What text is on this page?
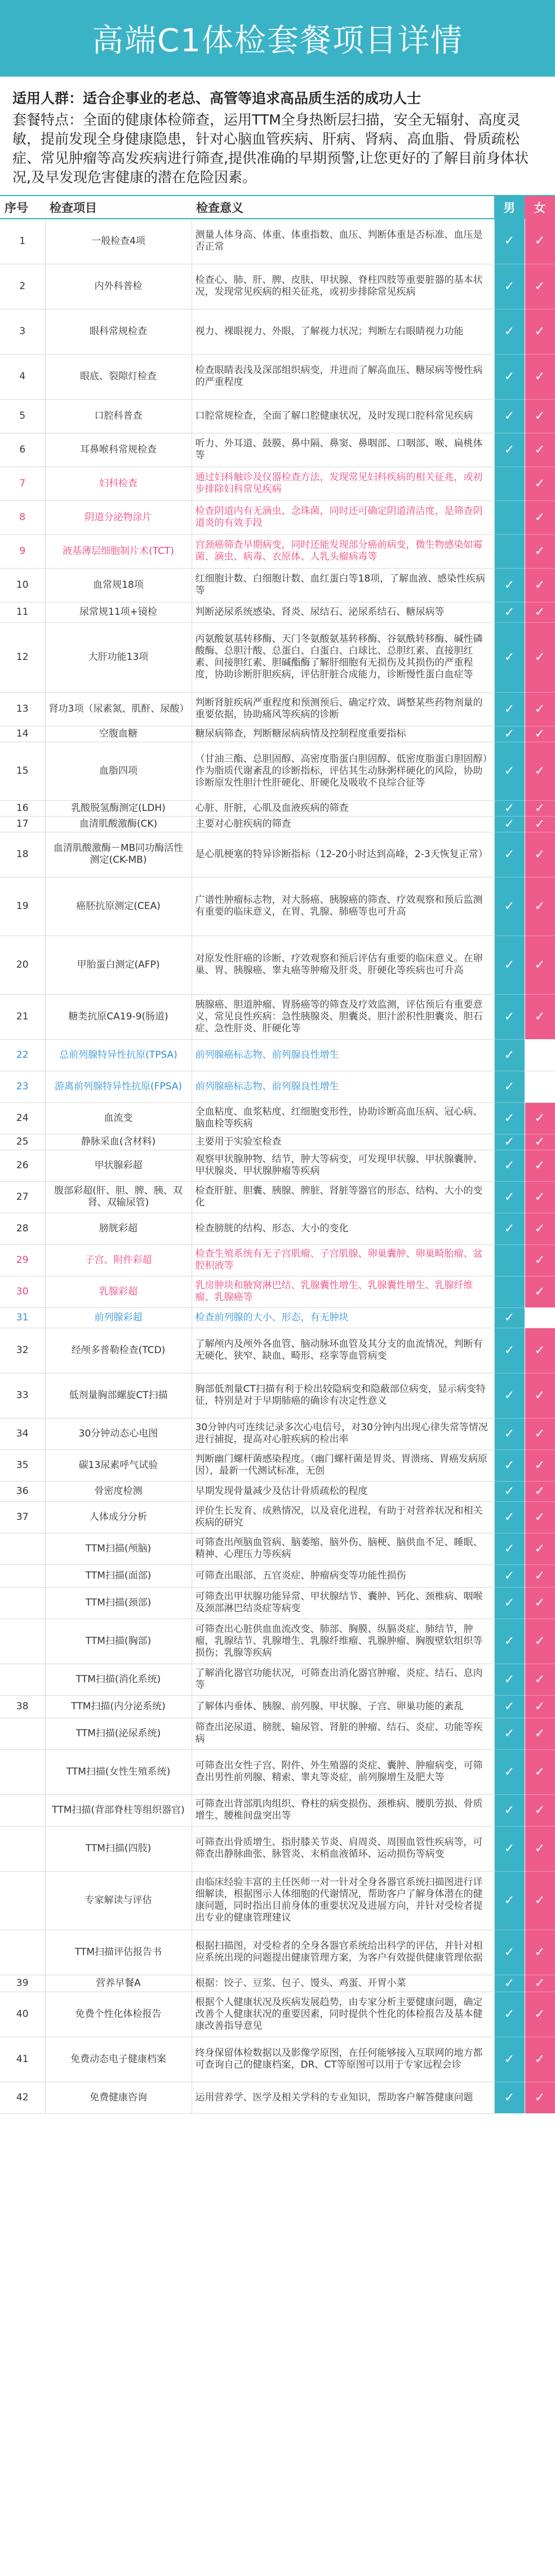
高端C1体检套餐项目详情
适用人群：适合企事业的老总、高管等追求高品质生活的成功人士
套餐特点：全面的健康体检筛查，运用TTM全身热断层扫描，安全无辐射、高度灵敏，提前发现全身健康隐患，针对心脑血管疾病、肝病、肾病、高血脂、骨质疏松症、常见肿瘤等高发疾病进行筛查,提供准确的早期预警,让您更好的了解目前身体状况,及早发现危害健康的潜在危险因素。
序号	检查项目	检查意义	男	女
1	一般检查4项	测量人体身高、体重、体重指数、血压、判断体重是否标准、血压是否正常	✓	✓
2	内外科普检	检查心、肺、肝、脾、皮肤、甲状腺、脊柱四肢等重要脏器的基本状况，发现常见疾病的相关征兆，或初步排除常见疾病	✓	✓
3	眼科常规检查	视力、裸眼视力、外眼，了解视力状况；判断左右眼睛视力功能	✓	✓
4	眼底、裂隙灯检查	检查眼睛表浅及深部组织病变，并进而了解高血压、糖尿病等慢性病的严重程度	✓	✓
5	口腔科普查	口腔常规检查，全面了解口腔健康状况，及时发现口腔科常见疾病	✓	✓
6	耳鼻喉科常规检查	听力、外耳道、鼓膜、鼻中隔、鼻窦、鼻咽部、口咽部、喉、扁桃体等	✓	✓
7	妇科检查	通过妇科触诊及仪器检查方法，发现常见妇科疾病的相关征兆，或初步排除妇科常见疾病		✓
8	阴道分泌物涂片	检查阴道内有无滴虫、念珠菌，同时还可确定阴道清洁度，是筛查阴道炎的有效手段		✓
9	液基薄层细胞制片术(TCT)	宫颈癌筛查早期病变，同时还能发现部分癌前病变，微生物感染如霉菌、滴虫、病毒、衣原体、人乳头瘤病毒等		✓
10	血常规18项	红细胞计数、白细胞计数、血红蛋白等18项，了解血液、感染性疾病等	✓	✓
11	尿常规11项+镜检	判断泌尿系统感染、肾炎、尿结石、泌尿系结石、糖尿病等	✓	✓
12	大肝功能13项	丙氨酸氨基转移酶、天门冬氨酸氨基转移酶、谷氨酰转移酶、碱性磷酸酶、总胆汁酸、总蛋白、白蛋白、白球比、总胆红素、直接胆红素、间接胆红素、胆碱酯酶了解肝细胞有无损伤及其损伤的严重程度，协助诊断肝胆疾病，评估肝脏合成能力，诊断慢性蛋白血症等	✓	✓
13	肾功3项（尿素氮、肌酐、尿酸）	判断肾脏疾病严重程度和预测预后、确定疗效、调整某些药物剂量的重要依据，协助痛风等疾病的诊断	✓	✓
14	空腹血糖	糖尿病筛查，判断糖尿病病情及控制程度重要指标	✓	✓
15	血脂四项	（甘油三酯、总胆固醇、高密度脂蛋白胆固醇、低密度脂蛋白胆固醇）作为脂质代谢紊乱的诊断指标，评估其生动脉粥样硬化的风险，协助诊断原发性胆汁性肝硬化、肝硬化及吸收不良综合征等	✓	✓
16	乳酸脱氢酶测定(LDH)	心脏、肝脏，心肌及血液疾病的筛查	✓	✓
17	血清肌酸激酶(CK)	主要对心脏疾病的筛查	✓	✓
18	血清肌酸激酶－MB同功酶活性测定(CK-MB)	是心肌梗塞的特异诊断指标（12-20小时达到高峰，2-3天恢复正常）	✓	✓
19	癌胚抗原测定(CEA)	广谱性肿瘤标志物，对大肠癌、胰腺癌的筛查、疗效观察和预后监测有重要的临床意义，在胃、乳腺、肺癌等也可升高	✓	✓
20	甲胎蛋白测定(AFP)	对原发性肝癌的诊断、疗效观察和预后评估有重要的临床意义。在卵巢、胃、胰腺癌、睾丸癌等肿瘤及肝炎、肝硬化等疾病也可升高	✓	✓
21	糖类抗原CA19-9(肠道)	胰腺癌、胆道肿瘤、胃肠癌等的筛查及疗效监测，评估预后有重要意义，常见良性疾病：急性胰腺炎、胆囊炎、胆汁淤积性胆囊炎、胆石症、急性肝炎、肝硬化等	✓	✓
22	总前列腺特异性抗原(TPSA)	前列腺癌标志物、前列腺良性增生	✓	
23	游离前列腺特异性抗原(FPSA)	前列腺癌标志物、前列腺良性增生	✓	
24	血流变	全血粘度、血浆粘度、红细胞变形性，协助诊断高血压病、冠心病、脑血栓等疾病	✓	✓
25	静脉采血(含材料)	主要用于实验室检查	✓	✓
26	甲状腺彩超	观察甲状腺肿物、结节，肿大等病变，可发现甲状腺、甲状腺囊肿、甲状腺炎、甲状腺肿瘤等疾病	✓	✓
27	腹部彩超(肝、胆、脾、胰、双肾、双输尿管)	检查肝脏、胆囊、胰腺、脾脏、肾脏等器官的形态、结构、大小的变化	✓	✓
28	膀胱彩超	检查膀胱的结构、形态、大小的变化	✓	✓
29	子宫、附件彩超	检查生殖系统有无子宫肌瘤、子宫肌腺、卵巢囊肿、卵巢畸胎瘤、盆腔积液等		✓
30	乳腺彩超	乳房肿块和腋窝淋巴结、乳腺囊性增生、乳腺囊性增生、乳腺纤维瘤、乳腺癌等		✓
31	前列腺彩超	检查前列腺的大小、形态，有无肿块	✓	
32	经颅多普勒检查(TCD)	了解颅内及颅外各血管、脑动脉环血管及其分支的血流情况，判断有无硬化、狭窄、缺血、畸形、痉挛等血管病变	✓	✓
33	低剂量胸部螺旋CT扫描	胸部低剂量CT扫描有利于检出较隐病变和隐蔽部位病变，显示病变特征，特别是对于早期肺癌的确诊有决定性意义	✓	✓
34	30分钟动态心电图	30分钟内可连续记录多次心电信号，对30分钟内出现心律失常等情况进行捕捉，提高对心脏疾病的检出率	✓	✓
35	碳13尿素呼气试验	判断幽门螺杆菌感染程度。（幽门螺杆菌是胃炎、胃溃疡、胃癌发病原因），最新一代测试标准，无创	✓	✓
36	骨密度检测	早期发现骨量减少及估计骨质疏松的程度	✓	✓
37	人体成分分析	评价生长发育、成熟情况，以及衰化进程，有助于对营养状况和相关疾病的研究	✓	✓
	TTM扫描(颅脑)	可筛查出颅脑血管病、脑萎缩、脑外伤、脑梗、脑供血不足、睡眠、精神、心理压力等疾病	✓	✓
	TTM扫描(面部)	可筛查出眼部、五官炎症、肿瘤病变等功能性损伤	✓	✓
	TTM扫描(颈部)	可筛查出甲状腺功能异常、甲状腺结节、囊肿、钙化、颈椎病、咽喉及颈部淋巴结炎症等病变	✓	✓
	TTM扫描(胸部)	可筛查出心脏供血血流改变、肺部、胸膜、纵膈炎症、肺结节，肿瘤，乳腺结节、乳腺增生、乳腺纤维瘤、乳腺肿瘤、胸腹壁软组织等损伤；乳腺等疾病	✓	✓
	TTM扫描(消化系统)	了解消化器官功能状况，可筛查出消化器官肿瘤、炎症、结石、息肉等	✓	✓
38	TTM扫描(内分泌系统)	了解体内垂体、胰腺、前列腺、甲状腺、子宫、卵巢功能的紊乱	✓	✓
	TTM扫描(泌尿系统)	筛查出泌尿道、膀胱、输尿管、肾脏的肿瘤、结石、炎症、功能等疾病	✓	✓
	TTM扫描(女性生殖系统)	可筛查出女性子宫、附件、外生殖器的炎症、囊肿、肿瘤病变，可筛查出男性前列腺、精索、睾丸等炎症，前列腺增生及肥大等	✓	✓
	TTM扫描(背部脊柱等组织器官)	可筛查出背部肌肉组织、脊柱的病变损伤、颈椎病、腰肌劳损、骨质增生、腰椎间盘突出等	✓	✓
	TTM扫描(四肢)	可筛查出骨质增生、指肘膝关节炎、肩周炎、周围血管性疾病等，可筛查出静脉曲张、脉管炎、末梢血液循环、运动损伤等病变	✓	✓
	专家解读与评估	由临床经验丰富的主任医师一对一针对全身各器官系统扫描图进行详细解读，根据图示人体细胞的代谢情况，帮助客户了解身体潜在的健康问题，同时指出目前身体的重要状况及进展方向，并针对受检者提出专业的健康管理建议	✓	✓
	TTM扫描评估报告书	根据扫描图，对受检者的全身各器官系统给出科学的评估，并针对相应系统出现的问题提出健康管理方案，为客户有效提供健康管理依据	✓	✓
39	营养早餐A	根据：饺子、豆浆、包子、馒头、鸡蛋、开胃小菜	✓	✓
40	免费个性化体检报告	根据个人健康状况及疾病发展趋势，由专家分析主要健康问题，确定改善个人健康状况的重要因素，同时提供个性化的体检报告及基本健康改善指导意见	✓	✓
41	免费动态电子健康档案	终身保留体检数据以及影像学原图，在任何能够接入互联网的地方都可查询自己的健康档案，DR、CT等原图可以用于专家远程会诊	✓	✓
42	免费健康咨询	运用营养学、医学及相关学科的专业知识，帮助客户解答健康问题	✓	✓
